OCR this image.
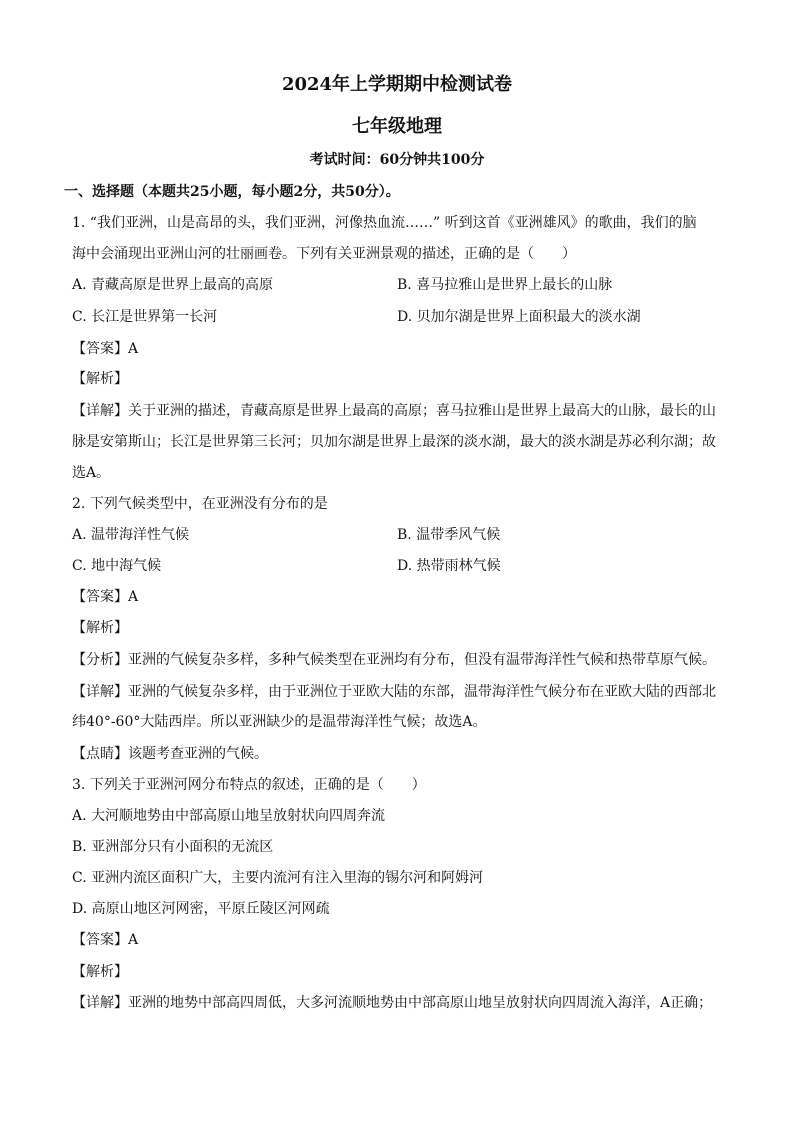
2024年上学期期中检测试卷
七年级地理
考试时间：60分钟共100分
一、选择题（本题共25小题，每小题2分，共50分）。
1. “我们亚洲，山是高昂的头，我们亚洲，河像热血流……” 听到这首《亚洲雄风》的歌曲，我们的脑
海中会涌现出亚洲山河的壮丽画卷。下列有关亚洲景观的描述，正确的是（　　）
A. 青藏高原是世界上最高的高原	B. 喜马拉雅山是世界上最长的山脉
C. 长江是世界第一长河	D. 贝加尔湖是世界上面积最大的淡水湖
【答案】A
【解析】
【详解】关于亚洲的描述，青藏高原是世界上最高的高原；喜马拉雅山是世界上最高大的山脉，最长的山
脉是安第斯山；长江是世界第三长河；贝加尔湖是世界上最深的淡水湖，最大的淡水湖是苏必利尔湖；故
选A。
2. 下列气候类型中，在亚洲没有分布的是
A. 温带海洋性气候	B. 温带季风气候
C. 地中海气候	D. 热带雨林气候
【答案】A
【解析】
【分析】亚洲的气候复杂多样，多种气候类型在亚洲均有分布，但没有温带海洋性气候和热带草原气候。
【详解】亚洲的气候复杂多样，由于亚洲位于亚欧大陆的东部，温带海洋性气候分布在亚欧大陆的西部北
纬40°-60°大陆西岸。所以亚洲缺少的是温带海洋性气候；故选A。
【点睛】该题考查亚洲的气候。
3. 下列关于亚洲河网分布特点的叙述，正确的是（　　）
A. 大河顺地势由中部高原山地呈放射状向四周奔流
B. 亚洲部分只有小面积的无流区
C. 亚洲内流区面积广大，主要内流河有注入里海的锡尔河和阿姆河
D. 高原山地区河网密，平原丘陵区河网疏
【答案】A
【解析】
【详解】亚洲的地势中部高四周低，大多河流顺地势由中部高原山地呈放射状向四周流入海洋，A正确；
